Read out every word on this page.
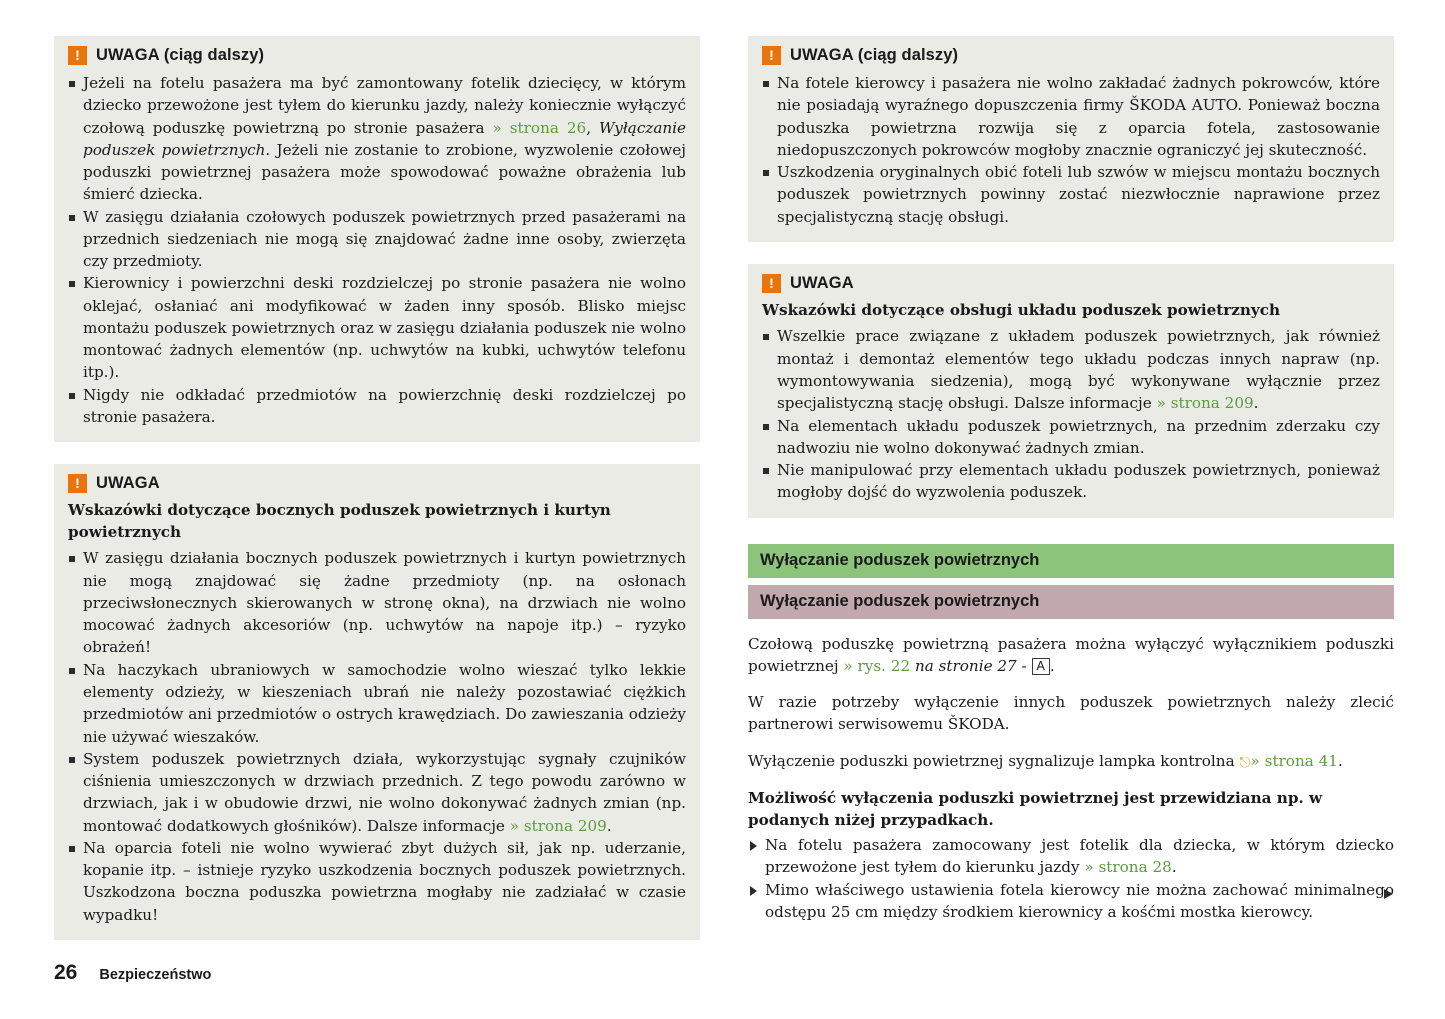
! UWAGA (ciąg dalszy)
Jeżeli na fotelu pasażera ma być zamontowany fotelik dziecięcy, w którym dziecko przewożone jest tyłem do kierunku jazdy, należy koniecznie wyłączyć czołową poduszkę powietrzną po stronie pasażera » strona 26, Wyłączanie poduszek powietrznych. Jeżeli nie zostanie to zrobione, wyzwolenie czołowej poduszki powietrznej pasażera może spowodować poważne obrażenia lub śmierć dziecka.
W zasięgu działania czołowych poduszek powietrznych przed pasażerami na przednich siedzeniach nie mogą się znajdować żadne inne osoby, zwierzęta czy przedmioty.
Kierownicy i powierzchni deski rozdzielczej po stronie pasażera nie wolno oklejać, osłaniać ani modyfikować w żaden inny sposób. Blisko miejsc montażu poduszek powietrznych oraz w zasięgu działania poduszek nie wolno montować żadnych elementów (np. uchwytów na kubki, uchwytów telefonu itp.).
Nigdy nie odkładać przedmiotów na powierzchnię deski rozdzielczej po stronie pasażera.
! UWAGA
Wskazówki dotyczące bocznych poduszek powietrznych i kurtyn powietrznych
W zasięgu działania bocznych poduszek powietrznych i kurtyn powietrznych nie mogą znajdować się żadne przedmioty (np. na osłonach przeciwsłonecznych skierowanych w stronę okna), na drzwiach nie wolno mocować żadnych akcesoriów (np. uchwytów na napoje itp.) – ryzyko obrażeń!
Na haczykach ubraniowych w samochodzie wolno wieszać tylko lekkie elementy odzieży, w kieszeniach ubrań nie należy pozostawiać ciężkich przedmiotów ani przedmiotów o ostrych krawędziach. Do zawieszania odzieży nie używać wieszaków.
System poduszek powietrznych działa, wykorzystując sygnały czujników ciśnienia umieszczonych w drzwiach przednich. Z tego powodu zarówno w drzwiach, jak i w obudowie drzwi, nie wolno dokonywać żadnych zmian (np. montować dodatkowych głośników). Dalsze informacje » strona 209.
Na oparcia foteli nie wolno wywierać zbyt dużych sił, jak np. uderzanie, kopanie itp. – istnieje ryzyko uszkodzenia bocznych poduszek powietrznych. Uszkodzona boczna poduszka powietrzna mogłaby nie zadziałać w czasie wypadku!
! UWAGA (ciąg dalszy)
Na fotele kierowcy i pasażera nie wolno zakładać żadnych pokrowców, które nie posiadają wyraźnego dopuszczenia firmy ŠKODA AUTO. Ponieważ boczna poduszka powietrzna rozwija się z oparcia fotela, zastosowanie niedopuszczonych pokrowców mogłoby znacznie ograniczyć jej skuteczność.
Uszkodzenia oryginalnych obić foteli lub szwów w miejscu montażu bocznych poduszek powietrznych powinny zostać niezwłocznie naprawione przez specjalistyczną stację obsługi.
! UWAGA
Wskazówki dotyczące obsługi układu poduszek powietrznych
Wszelkie prace związane z układem poduszek powietrznych, jak również montaż i demontaż elementów tego układu podczas innych napraw (np. wymontowywania siedzenia), mogą być wykonywane wyłącznie przez specjalistyczną stację obsługi. Dalsze informacje » strona 209.
Na elementach układu poduszek powietrznych, na przednim zderzaku czy nadwoziu nie wolno dokonywać żadnych zmian.
Nie manipulować przy elementach układu poduszek powietrznych, ponieważ mogłoby dojść do wyzwolenia poduszek.
Wyłączanie poduszek powietrznych
Wyłączanie poduszek powietrznych

Czołową poduszkę powietrzną pasażera można wyłączyć wyłącznikiem poduszki powietrznej » rys. 22 na stronie 27 - A .

W razie potrzeby wyłączenie innych poduszek powietrznych należy zlecić partnerowi serwisowemu ŠKODA.

Wyłączenie poduszki powietrznej sygnalizuje lampka kontrolna ⎋» strona 41.

Możliwość wyłączenia poduszki powietrznej jest przewidziana np. w podanych niżej przypadkach.

Na fotelu pasażera zamocowany jest fotelik dla dziecka, w którym dziecko przewożone jest tyłem do kierunku jazdy » strona 28.
Mimo właściwego ustawienia fotela kierowcy nie można zachować minimalnego odstępu 25 cm między środkiem kierownicy a kośćmi mostka kierowcy.
26 Bezpieczeństwo
